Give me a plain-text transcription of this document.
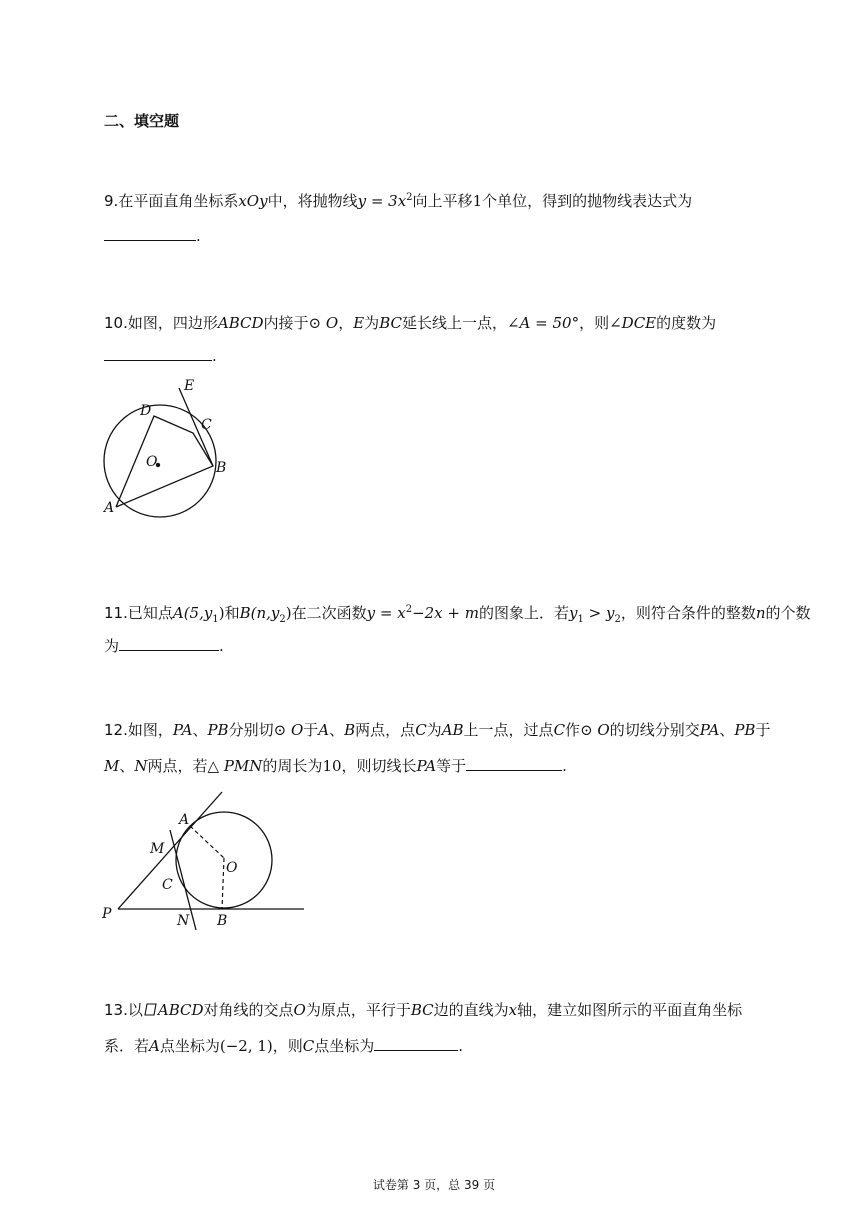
二、填空题
9.在平面直角坐标系xOy中，将抛物线$y = 3x^2$向上平移1个单位，得到的抛物线表达式为
.
10.如图，四边形ABCD内接于⊙ O，E为BC延长线上一点，∠A = 50°，则∠DCE的度数为
.
E
D
C
O	B
A
11.已知点$A(5,y_1)$和$B(n,y_2)$在二次函数$y = x^2-2x + m$的图象上．若$y_1 > y_2$，则符合条件的整数n的个数
为	.
12.如图，PA、PB分别切⊙ O于A、B两点，点C为AB上一点，过点C作⊙ O的切线分别交PA、PB于
M、N两点，若△ PMN的周长为10，则切线长PA等于	.
A
M
O
C
P	N B
13.以 ABCD对角线的交点O为原点，平行于BC边的直线为x轴，建立如图所示的平面直角坐标
系．若A点坐标为(−2, 1)，则C点坐标为	.
试卷第 3 页，总 39 页
